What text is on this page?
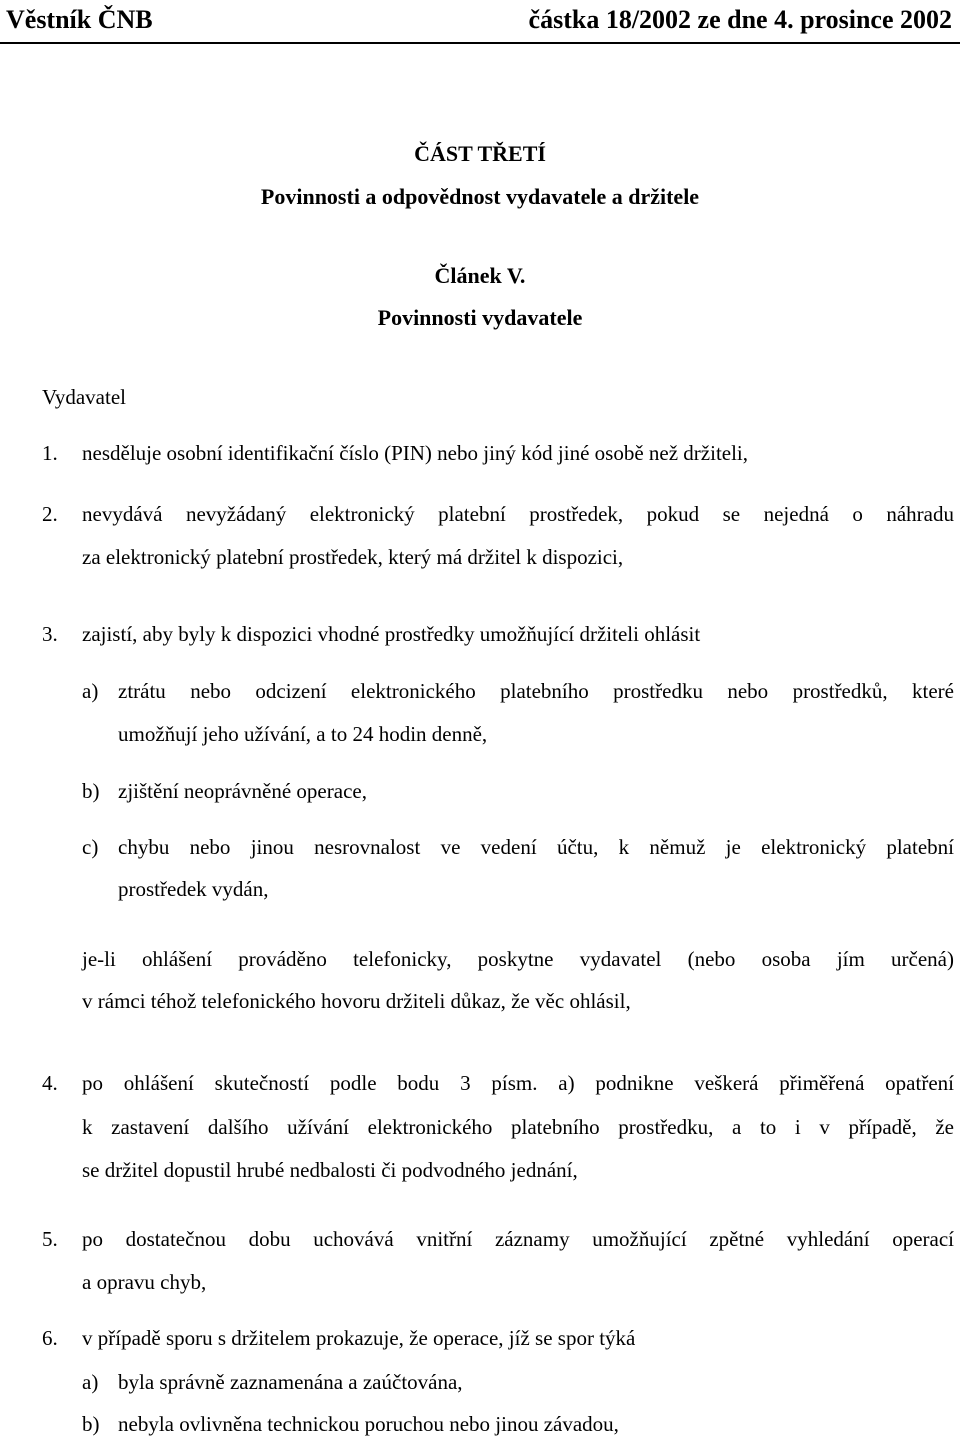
Věstník ČNB	částka 18/2002 ze dne 4. prosince 2002
ČÁST TŘETÍ
Povinnosti a odpovědnost vydavatele a držitele
Článek V.
Povinnosti vydavatele
Vydavatel
1. nesděluje osobní identifikační číslo (PIN) nebo jiný kód jiné osobě než držiteli,
2. nevydává nevyžádaný elektronický platební prostředek, pokud se nejedná o náhradu
za elektronický platební prostředek, který má držitel k dispozici,
3. zajistí, aby byly k dispozici vhodné prostředky umožňující držiteli ohlásit
a) ztrátu nebo odcizení elektronického platebního prostředku nebo prostředků, které
umožňují jeho užívání, a to 24 hodin denně,
b) zjištění neoprávněné operace,
c) chybu nebo jinou nesrovnalost ve vedení účtu, k němuž je elektronický platební
prostředek vydán,
je-li ohlášení prováděno telefonicky, poskytne vydavatel (nebo osoba jím určená)
v rámci téhož telefonického hovoru držiteli důkaz, že věc ohlásil,
4. po ohlášení skutečností podle bodu 3 písm. a) podnikne veškerá přiměřená opatření
k zastavení dalšího užívání elektronického platebního prostředku, a to i v případě, že
se držitel dopustil hrubé nedbalosti či podvodného jednání,
5. po dostatečnou dobu uchovává vnitřní záznamy umožňující zpětné vyhledání operací
a opravu chyb,
6. v případě sporu s držitelem prokazuje, že operace, jíž se spor týká
a) byla správně zaznamenána a zaúčtována,
b) nebyla ovlivněna technickou poruchou nebo jinou závadou,
